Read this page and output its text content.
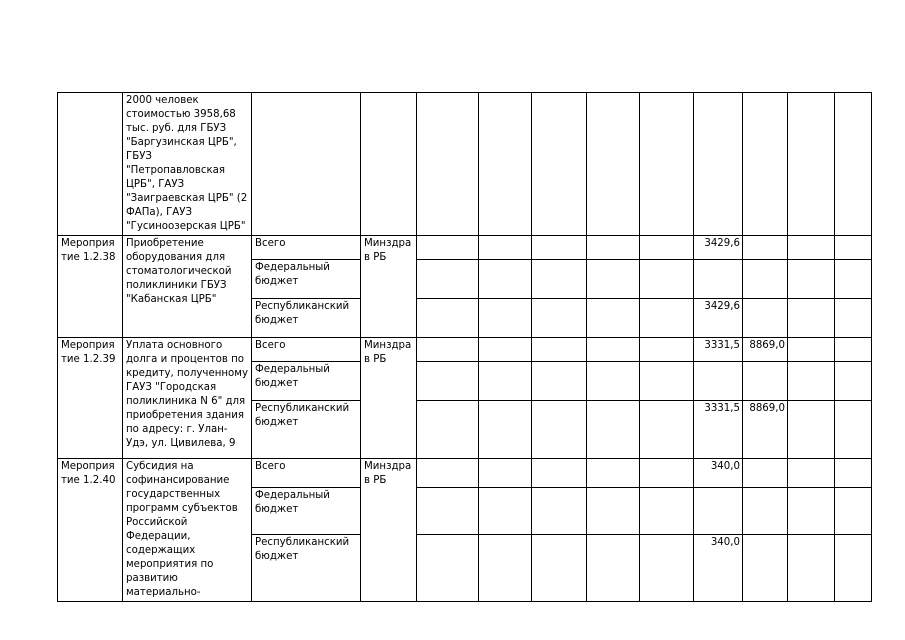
	2000 человек стоимостью 3958,68 тыс. руб. для ГБУЗ "Баргузинская ЦРБ", ГБУЗ "Петропавловская ЦРБ", ГАУЗ "Заиграевская ЦРБ" (2 ФАПа), ГАУЗ "Гусиноозерская ЦРБ"											
Мероприятие 1.2.38	Приобретение оборудования для стоматологической поликлиники ГБУЗ "Кабанская ЦРБ"	Всего	Минздрав РБ						3429,6			
		Федеральный бюджет										
		Республиканский бюджет							3429,6			
Мероприятие 1.2.39	Уплата основного долга и процентов по кредиту, полученному ГАУЗ "Городская поликлиника N 6" для приобретения здания по адресу: г. Улан-Удэ, ул. Цивилева, 9	Всего	Минздрав РБ						3331,5	8869,0		
		Федеральный бюджет										
		Республиканский бюджет							3331,5	8869,0		
Мероприятие 1.2.40	Субсидия на софинансирование государственных программ субъектов Российской Федерации, содержащих мероприятия по развитию материально-	Всего	Минздрав РБ						340,0			
		Федеральный бюджет										
		Республиканский бюджет							340,0			
